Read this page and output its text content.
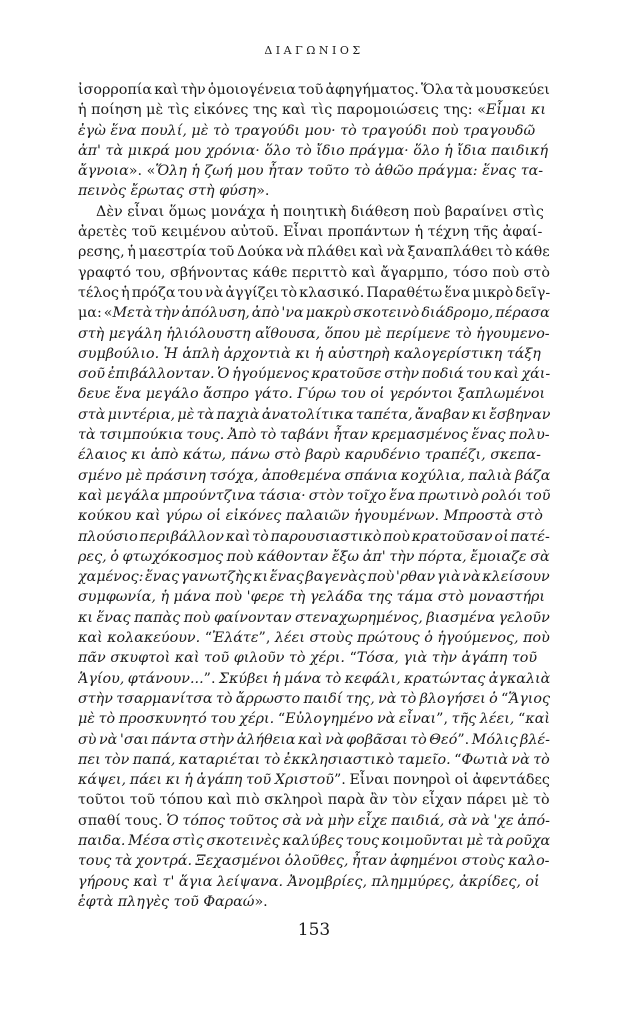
ΔΙΑΓΩΝΙΟΣ
ἰσορροπία καὶ τὴν ὁμοιογένεια τοῦ ἀφηγήματος. Ὅλα τὰ μουσκεύει
ἡ ποίηση μὲ τὶς εἰκόνες της καὶ τὶς παρομοιώσεις της: «Εἶμαι κι
ἐγὼ ἕνα πουλί, μὲ τὸ τραγούδι μου· τὸ τραγούδι ποὺ τραγουδῶ
ἀπ' τὰ μικρά μου χρόνια· ὅλο τὸ ἴδιο πράγμα· ὅλο ἡ ἴδια παιδική
ἄγνοια». «Ὅλη ἡ ζωή μου ἦταν τοῦτο τὸ ἀθῶο πράγμα: ἕνας τα-
πεινὸς ἔρωτας στὴ φύση».
Δὲν εἶναι ὅμως μονάχα ἡ ποιητικὴ διάθεση ποὺ βαραίνει στὶς
ἀρετὲς τοῦ κειμένου αὐτοῦ. Εἶναι προπάντων ἡ τέχνη τῆς ἀφαί-
ρεσης, ἡ μαεστρία τοῦ Δούκα νὰ πλάθει καὶ νὰ ξαναπλάθει τὸ κάθε
γραφτό του, σβήνοντας κάθε περιττὸ καὶ ἄγαρμπο, τόσο ποὺ στὸ
τέλος ἡ πρόζα του νὰ ἀγγίζει τὸ κλασικό. Παραθέτω ἕνα μικρὸ δεῖγ-
μα: «Μετὰ τὴν ἀπόλυση, ἀπὸ 'να μακρὺ σκοτεινὸ διάδρομο, πέρασα
στὴ μεγάλη ἡλιόλουστη αἴθουσα, ὅπου μὲ περίμενε τὸ ἡγουμενο-
συμβούλιο. Ἡ ἁπλὴ ἀρχοντιὰ κι ἡ αὐστηρὴ καλογερίστικη τάξη
σοῦ ἐπιβάλλονταν. Ὁ ἡγούμενος κρατοῦσε στὴν ποδιά του καὶ χάι-
δευε ἕνα μεγάλο ἄσπρο γάτο. Γύρω του οἱ γερόντοι ξαπλωμένοι
στὰ μιντέρια, μὲ τὰ παχιὰ ἀνατολίτικα ταπέτα, ἄναβαν κι ἔσβηναν
τὰ τσιμπούκια τους. Ἀπὸ τὸ ταβάνι ἦταν κρεμασμένος ἕνας πολυ-
έλαιος κι ἀπὸ κάτω, πάνω στὸ βαρὺ καρυδένιο τραπέζι, σκεπα-
σμένο μὲ πράσινη τσόχα, ἀποθεμένα σπάνια κοχύλια, παλιὰ βάζα
καὶ μεγάλα μπρούντζινα τάσια· στὸν τοῖχο ἕνα πρωτινὸ ρολόι τοῦ
κούκου καὶ γύρω οἱ εἰκόνες παλαιῶν ἡγουμένων. Μπροστὰ στὸ
πλούσιο περιβάλλον καὶ τὸ παρουσιαστικὸ ποὺ κρατοῦσαν οἱ πατέ-
ρες, ὁ φτωχόκοσμος ποὺ κάθονταν ἔξω ἀπ' τὴν πόρτα, ἔμοιαζε σὰ
χαμένος: ἕνας γανωτζὴς κι ἕνας βαγενὰς ποὺ 'ρθαν γιὰ νὰ κλείσουν
συμφωνία, ἡ μάνα ποὺ 'φερε τὴ γελάδα της τάμα στὸ μοναστήρι
κι ἕνας παπὰς ποὺ φαίνονταν στεναχωρημένος, βιασμένα γελοῦν
καὶ κολακεύουν. “Ἐλάτε”, λέει στοὺς πρώτους ὁ ἡγούμενος, ποὺ
πᾶν σκυφτοὶ καὶ τοῦ φιλοῦν τὸ χέρι. “Τόσα, γιὰ τὴν ἀγάπη τοῦ
Ἁγίου, φτάνουν...”. Σκύβει ἡ μάνα τὸ κεφάλι, κρατώντας ἀγκαλιὰ
στὴν τσαρμανίτσα τὸ ἄρρωστο παιδί της, νὰ τὸ βλογήσει ὁ “Ἅγιος
μὲ τὸ προσκυνητό του χέρι. “Εὐλογημένο νὰ εἶναι”, τῆς λέει, “καὶ
σὺ νὰ 'σαι πάντα στὴν ἀλήθεια καὶ νὰ φοβᾶσαι τὸ Θεό”. Μόλις βλέ-
πει τὸν παπά, καταριέται τὸ ἐκκλησιαστικὸ ταμεῖο. “Φωτιὰ νὰ τὸ
κάψει, πάει κι ἡ ἀγάπη τοῦ Χριστοῦ”. Εἶναι πονηροὶ οἱ ἀφεντάδες
τοῦτοι τοῦ τόπου καὶ πιὸ σκληροὶ παρὰ ἂν τὸν εἶχαν πάρει μὲ τὸ
σπαθί τους. Ὁ τόπος τοῦτος σὰ νὰ μὴν εἶχε παιδιά, σὰ νὰ 'χε ἀπό-
παιδα. Μέσα στὶς σκοτεινὲς καλύβες τους κοιμοῦνται μὲ τὰ ροῦχα
τους τὰ χοντρά. Ξεχασμένοι ὁλοῦθες, ἦταν ἀφημένοι στοὺς καλο-
γήρους καὶ τ' ἅγια λείψανα. Ἀνομβρίες, πλημμύρες, ἀκρίδες, οἱ
ἑφτὰ πληγὲς τοῦ Φαραώ».
153
